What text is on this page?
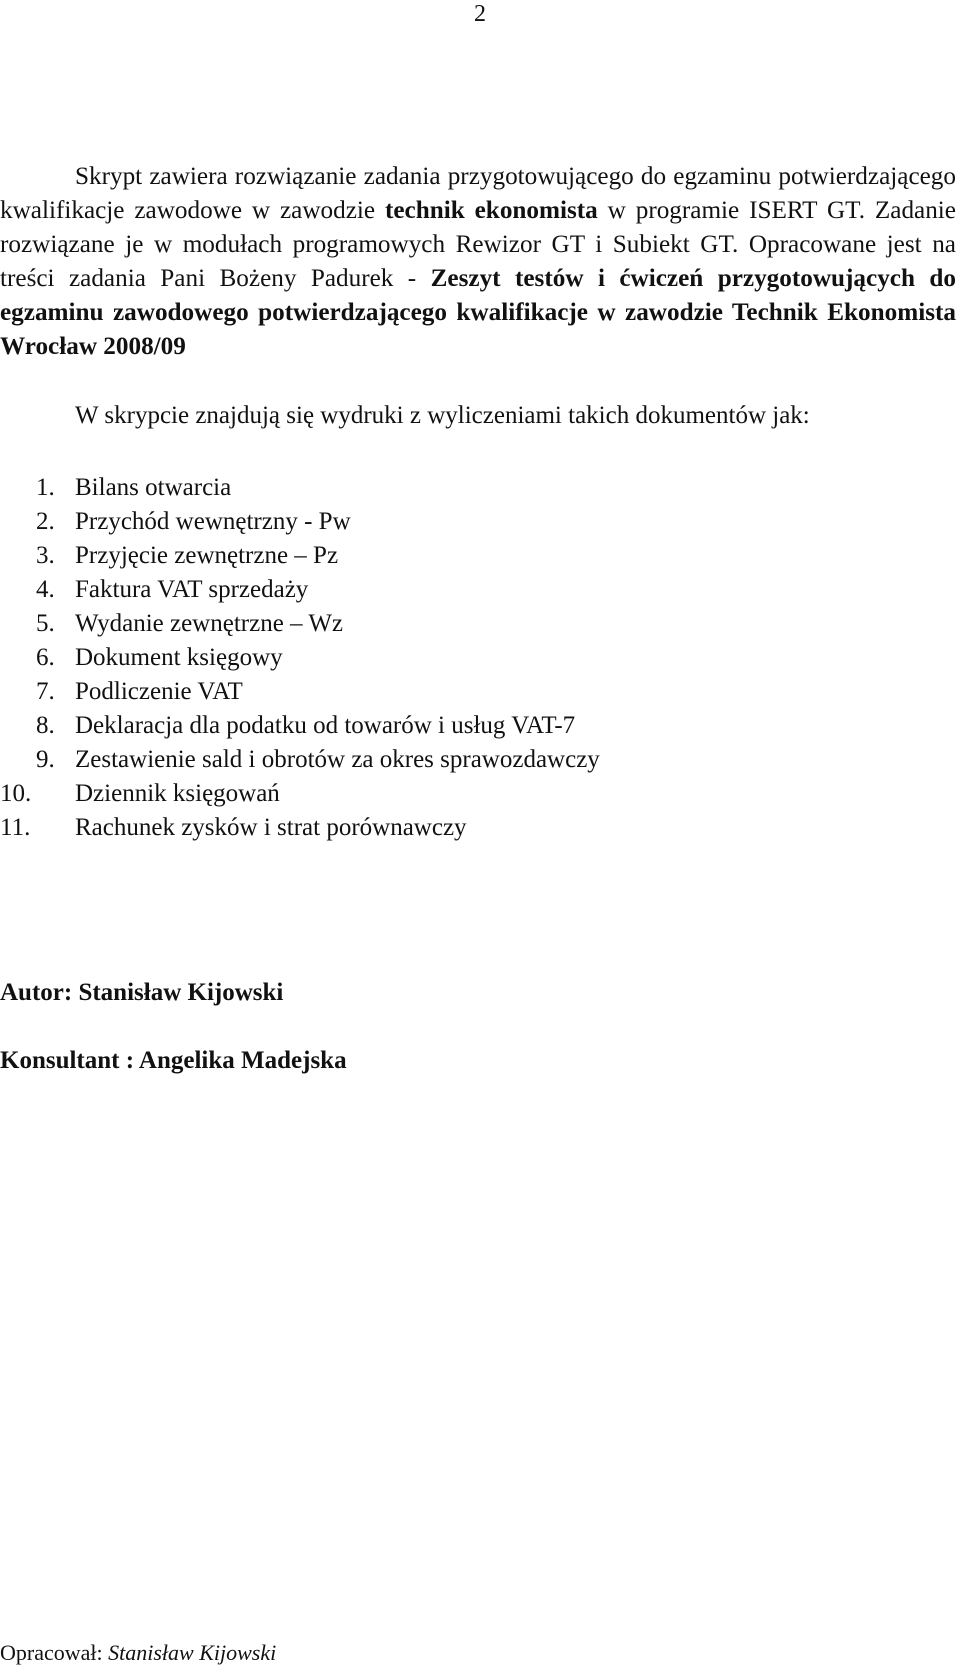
2

Skrypt zawiera rozwiązanie zadania przygotowującego do egzaminu potwierdzającego kwalifikacje zawodowe w zawodzie technik ekonomista w programie ISERT GT. Zadanie rozwiązane je w modułach programowych Rewizor GT i Subiekt GT. Opracowane jest na treści zadania Pani Bożeny Padurek - Zeszyt testów i ćwiczeń przygotowujących do egzaminu zawodowego potwierdzającego kwalifikacje w zawodzie Technik Ekonomista Wrocław 2008/09

W skrypcie znajdują się wydruki z wyliczeniami takich dokumentów jak:

1. Bilans otwarcia
2. Przychód wewnętrzny - Pw
3. Przyjęcie zewnętrzne – Pz
4. Faktura VAT sprzedaży
5. Wydanie zewnętrzne – Wz
6. Dokument księgowy
7. Podliczenie VAT
8. Deklaracja dla podatku od towarów i usług VAT-7
9. Zestawienie sald i obrotów za okres sprawozdawczy
10. Dziennik księgowań
11. Rachunek zysków i strat porównawczy

Autor: Stanisław Kijowski

Konsultant : Angelika Madejska

Opracował: Stanisław Kijowski
